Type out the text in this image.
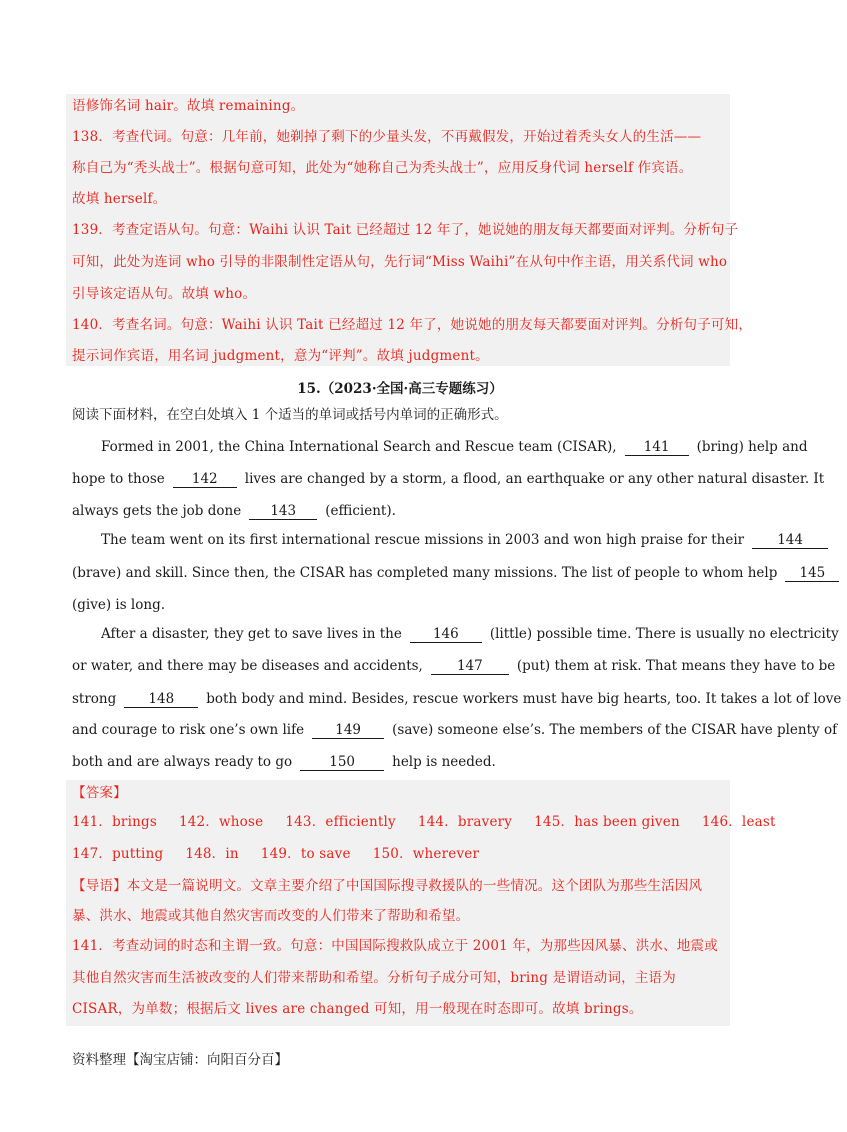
语修饰名词 hair。故填 remaining。
138．考查代词。句意：几年前，她剃掉了剩下的少量头发，不再戴假发，开始过着秃头女人的生活——
称自己为“秃头战士”。根据句意可知，此处为“她称自己为秃头战士”，应用反身代词 herself 作宾语。
故填 herself。
139．考查定语从句。句意：Waihi 认识 Tait 已经超过 12 年了，她说她的朋友每天都要面对评判。分析句子
可知，此处为连词 who 引导的非限制性定语从句，先行词“Miss Waihi”在从句中作主语，用关系代词 who
引导该定语从句。故填 who。
140．考查名词。句意：Waihi 认识 Tait 已经超过 12 年了，她说她的朋友每天都要面对评判。分析句子可知，
提示词作宾语，用名词 judgment，意为“评判”。故填 judgment。
15.（2023·全国·高三专题练习）
阅读下面材料，在空白处填入 1 个适当的单词或括号内单词的正确形式。
Formed in 2001, the China International Search and Rescue team (CISAR), 141 (bring) help and
hope to those 142 lives are changed by a storm, a flood, an earthquake or any other natural disaster. It
always gets the job done 143 (efficient).
The team went on its first international rescue missions in 2003 and won high praise for their 144
(brave) and skill. Since then, the CISAR has completed many missions. The list of people to whom help 145
(give) is long.
After a disaster, they get to save lives in the 146 (little) possible time. There is usually no electricity
or water, and there may be diseases and accidents,	147	(put) them at risk. That means they have to be
strong 148 both body and mind. Besides, rescue workers must have big hearts, too. It takes a lot of love
and courage to risk one’s own life 149 (save) someone else’s. The members of the CISAR have plenty of
both and are always ready to go	150	help is needed.
【答案】
141．brings 142．whose 143．efficiently 144．bravery 145．has been given 146．least
147．putting 148．in 149．to save 150．wherever
【导语】本文是一篇说明文。文章主要介绍了中国国际搜寻救援队的一些情况。这个团队为那些生活因风
暴、洪水、地震或其他自然灾害而改变的人们带来了帮助和希望。
141．考查动词的时态和主谓一致。句意：中国国际搜救队成立于 2001 年，为那些因风暴、洪水、地震或
其他自然灾害而生活被改变的人们带来帮助和希望。分析句子成分可知，bring 是谓语动词，主语为
CISAR，为单数；根据后文 lives are changed 可知，用一般现在时态即可。故填 brings。
资料整理【淘宝店铺：向阳百分百】
